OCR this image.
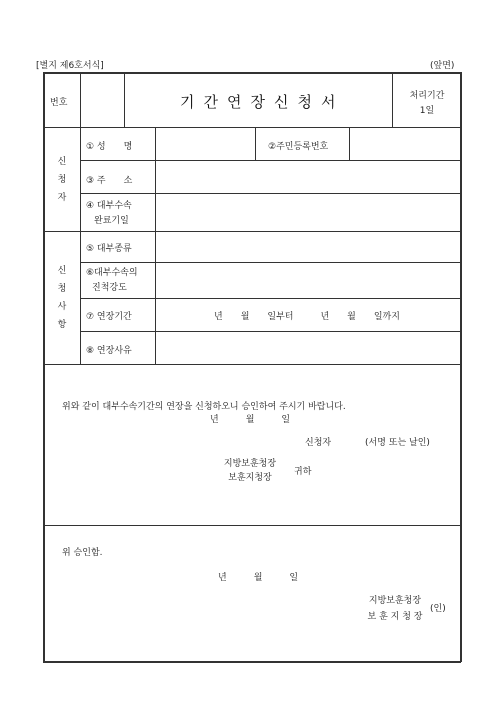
[별지 제6호서식]	(앞면)
번호	기간연장신청서	처리기간
1일
신
청
자
① 성　　명	②주민등록번호
③ 주　　소
④ 대부수속
완료기일
신
청
사
항
⑤ 대부종류
⑥대부수속의
진척강도
⑦ 연장기간	년　　월　　일부터　　　년　　월　　일까지
⑧ 연장사유
위와 같이 대부수속기간의 연장을 신청하오니 승인하여 주시기 바랍니다.
년　　　월　　　일
신청자	(서명 또는 날인)
지방보훈청장
보훈지청장
귀하
위 승인함.
년　　　월　　　일
지방보훈청장
보 훈 지 청 장
(인)
